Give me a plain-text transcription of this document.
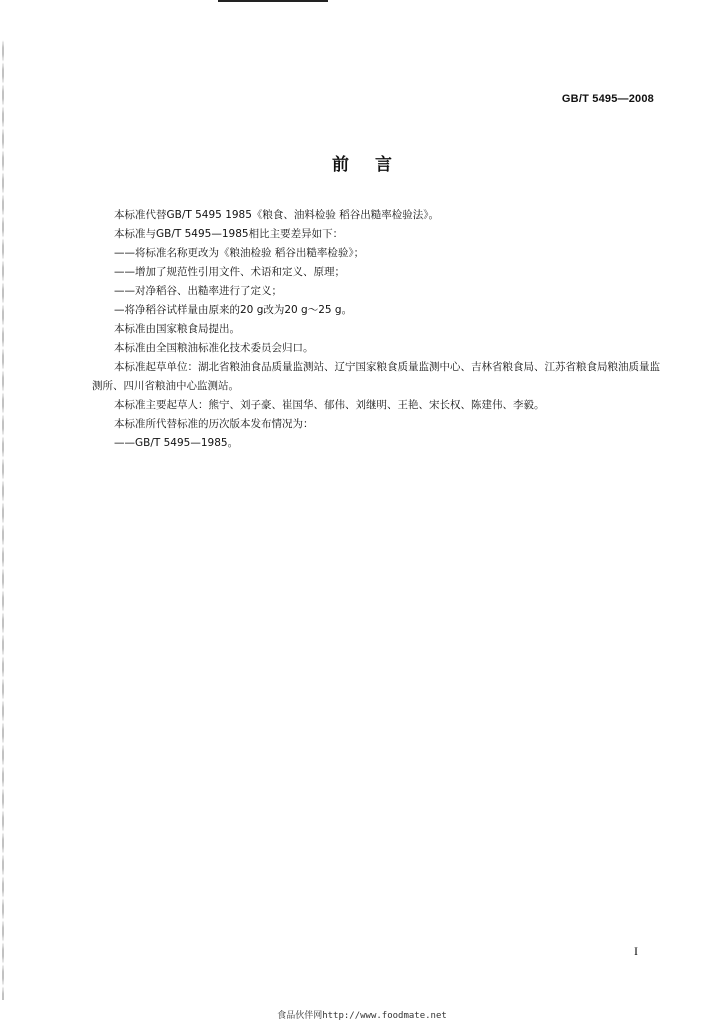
GB/T 5495—2008
前言

本标准代替GB/T 5495 1985《粮食、油料检验 稻谷出糙率检验法》。

本标准与GB/T 5495—1985相比主要差异如下：

——将标准名称更改为《粮油检验 稻谷出糙率检验》；

——增加了规范性引用文件、术语和定义、原理；

——对净稻谷、出糙率进行了定义；

—将净稻谷试样量由原来的20 g改为20 g～25 g。

本标准由国家粮食局提出。

本标准由全国粮油标准化技术委员会归口。

本标准起草单位：湖北省粮油食品质量监测站、辽宁国家粮食质量监测中心、吉林省粮食局、江苏省粮食局粮油质量监测所、四川省粮油中心监测站。

本标准主要起草人：熊宁、刘子豪、崔国华、郁伟、刘继明、王艳、宋长权、陈建伟、李毅。

本标准所代替标准的历次版本发布情况为：

——GB/T 5495—1985。

I
食品伙伴网http://www.foodmate.net
